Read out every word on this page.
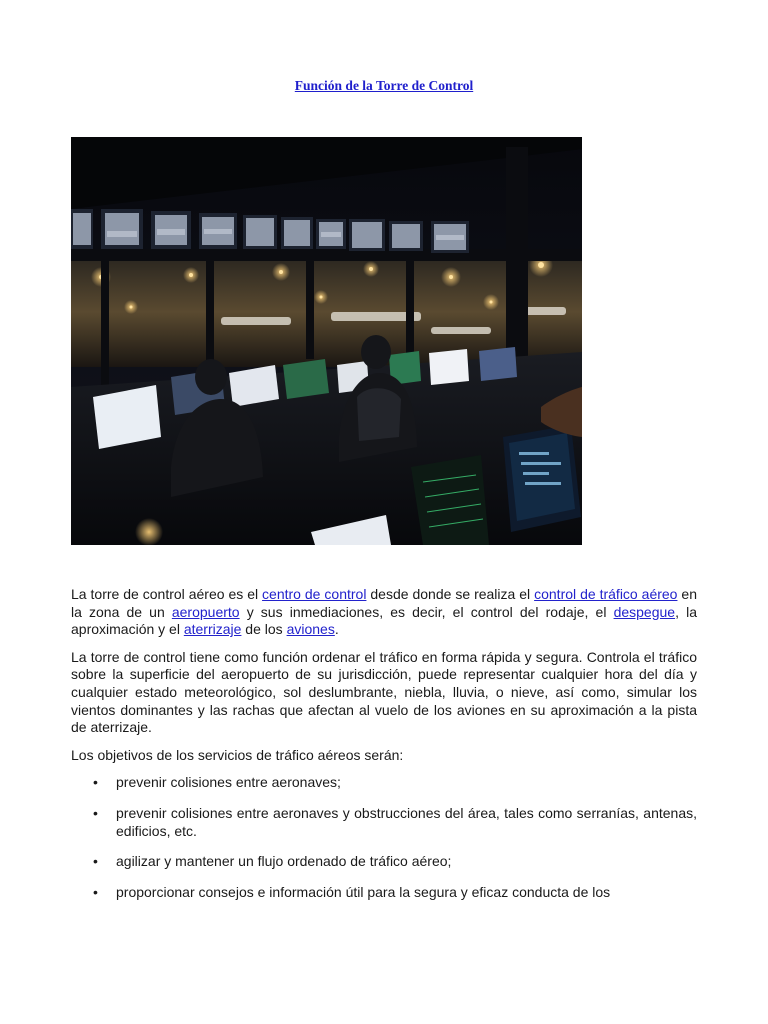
Función de la Torre de Control

La torre de control aéreo es el centro de control desde donde se realiza el control de tráfico aéreo en la zona de un aeropuerto y sus inmediaciones, es decir, el control del rodaje, el despegue, la aproximación y el aterrizaje de los aviones.

La torre de control tiene como función ordenar el tráfico en forma rápida y segura. Controla el tráfico sobre la superficie del aeropuerto de su jurisdicción, puede representar cualquier hora del día y cualquier estado meteorológico, sol deslumbrante, niebla, lluvia, o nieve, así como, simular los vientos dominantes y las rachas que afectan al vuelo de los aviones en su aproximación a la pista de aterrizaje.

Los objetivos de los servicios de tráfico aéreos serán:

• prevenir colisiones entre aeronaves;
• prevenir colisiones entre aeronaves y obstrucciones del área, tales como serranías, antenas, edificios, etc.
• agilizar y mantener un flujo ordenado de tráfico aéreo;
• proporcionar consejos e información útil para la segura y eficaz conducta de los
